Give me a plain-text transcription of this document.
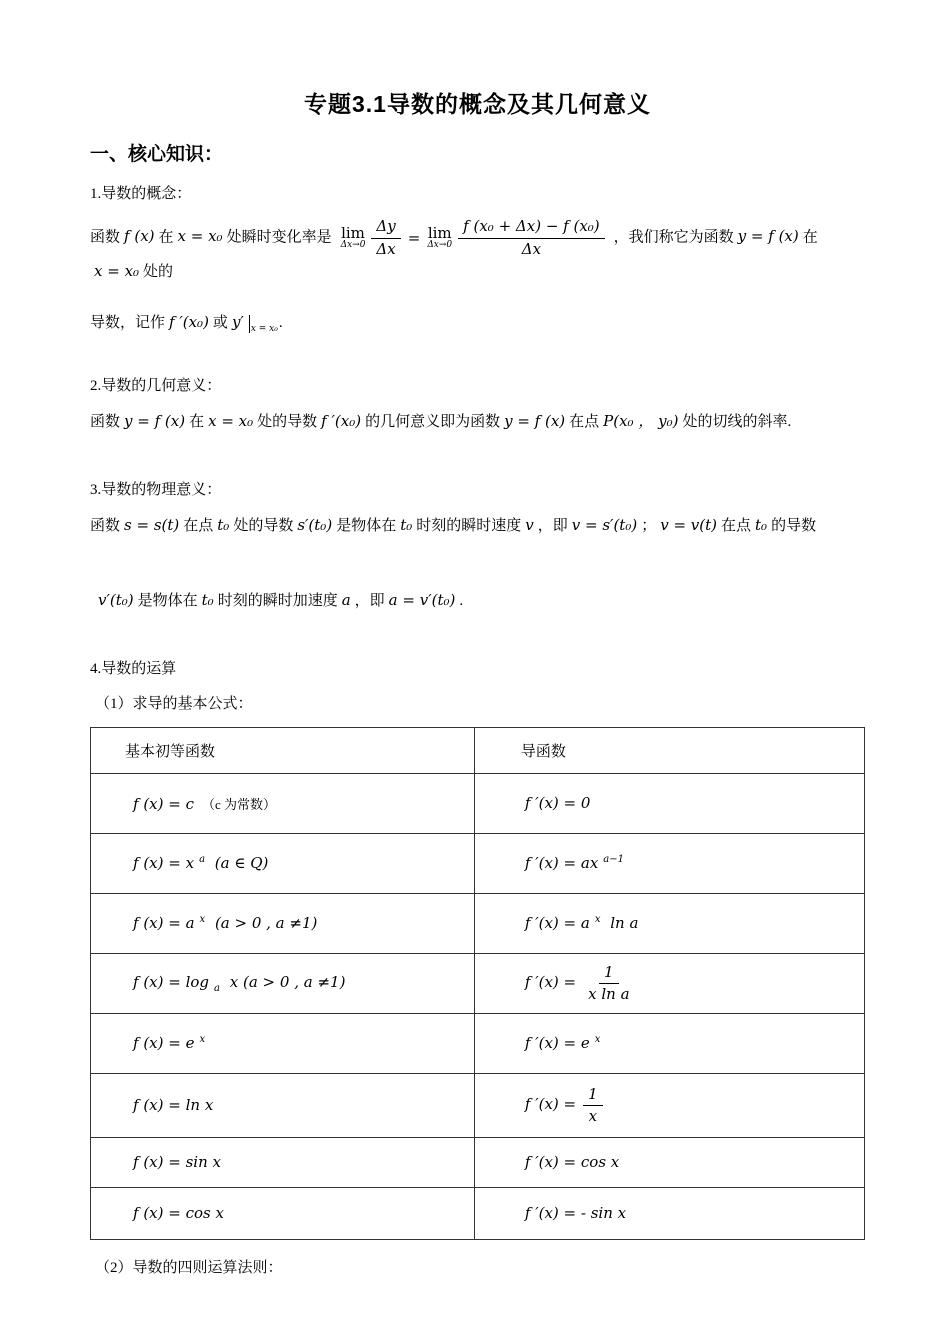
专题3.1导数的概念及其几何意义
一、核心知识：

1.导数的概念：

函数 f (x) 在 x = x₀ 处瞬时变化率是 lim
$\Delta x\to 0 \frac{\Delta y}{\Delta x} = \lim$
$\Delta x\to 0 \frac{\text{f (x₀ + Δx) − f (x₀)}}{\Delta x}$ ，我们称它为函数 y = f (x) 在x = x₀ 处的

导数，记作 f ′(x₀) 或 y′ $_{x = x_0}$.

2.导数的几何意义：

函数 y = f (x) 在 x = x₀ 处的导数 f ′(x₀) 的几何意义即为函数 y = f (x) 在点 P(x₀ ， y₀) 处的切线的斜率.

3.导数的物理意义：

函数 s = s(t) 在点 t₀ 处的导数 s′(t₀) 是物体在 t₀ 时刻的瞬时速度 v ，即 v = s′(t₀) ； v = v(t) 在点 t₀ 的导数

v′(t₀) 是物体在 t₀ 时刻的瞬时加速度 a ，即 a = v′(t₀) .

4.导数的运算

（1）求导的基本公式：

基本初等函数	导函数
f (x) = c （c 为常数）	f ′(x) = 0
f (x) = x $^a$ (a ∈ Q)	f ′(x) = ax $^{a-1}$
f (x) = a $^x$ (a > 0 , a ≠1)	f ′(x) = a $^x$ ln a
f (x) = log $_a$ x (a > 0 , a ≠1)	f $'(x) = \frac{1}{\text{x ln a}}$

f (x) = e $^x$	f ′(x) = e $^x$
f (x) = ln x	f $'(x) = \frac{1}{x}$

f (x) = sin x	f ′(x) = cos x
f (x) = cos x	f ′(x) = - sin x

（2）导数的四则运算法则：
